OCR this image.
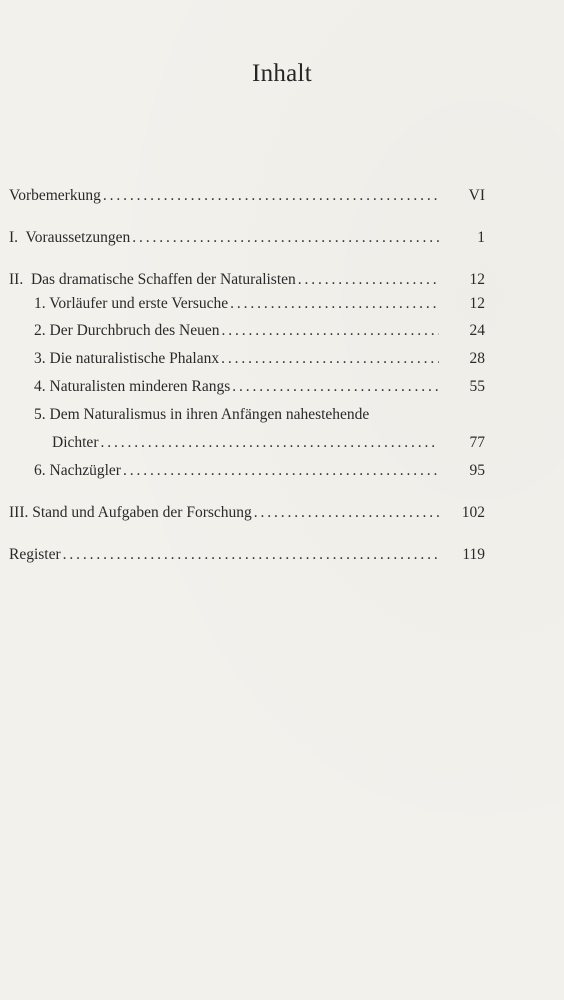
Inhalt
Vorbemerkung . . .	VI
I.  Voraussetzungen . . .	1
II.  Das dramatische Schaffen der Naturalisten . . .	12
1. Vorläufer und erste Versuche . . .	12
2. Der Durchbruch des Neuen . . .	24
3. Die naturalistische Phalanx . . .	28
4. Naturalisten minderen Rangs . . .	55
5. Dem Naturalismus in ihren Anfängen nahestehende
Dichter . . .	77
6. Nachzügler . . .	95
III. Stand und Aufgaben der Forschung . . .	102
Register . . .	119
